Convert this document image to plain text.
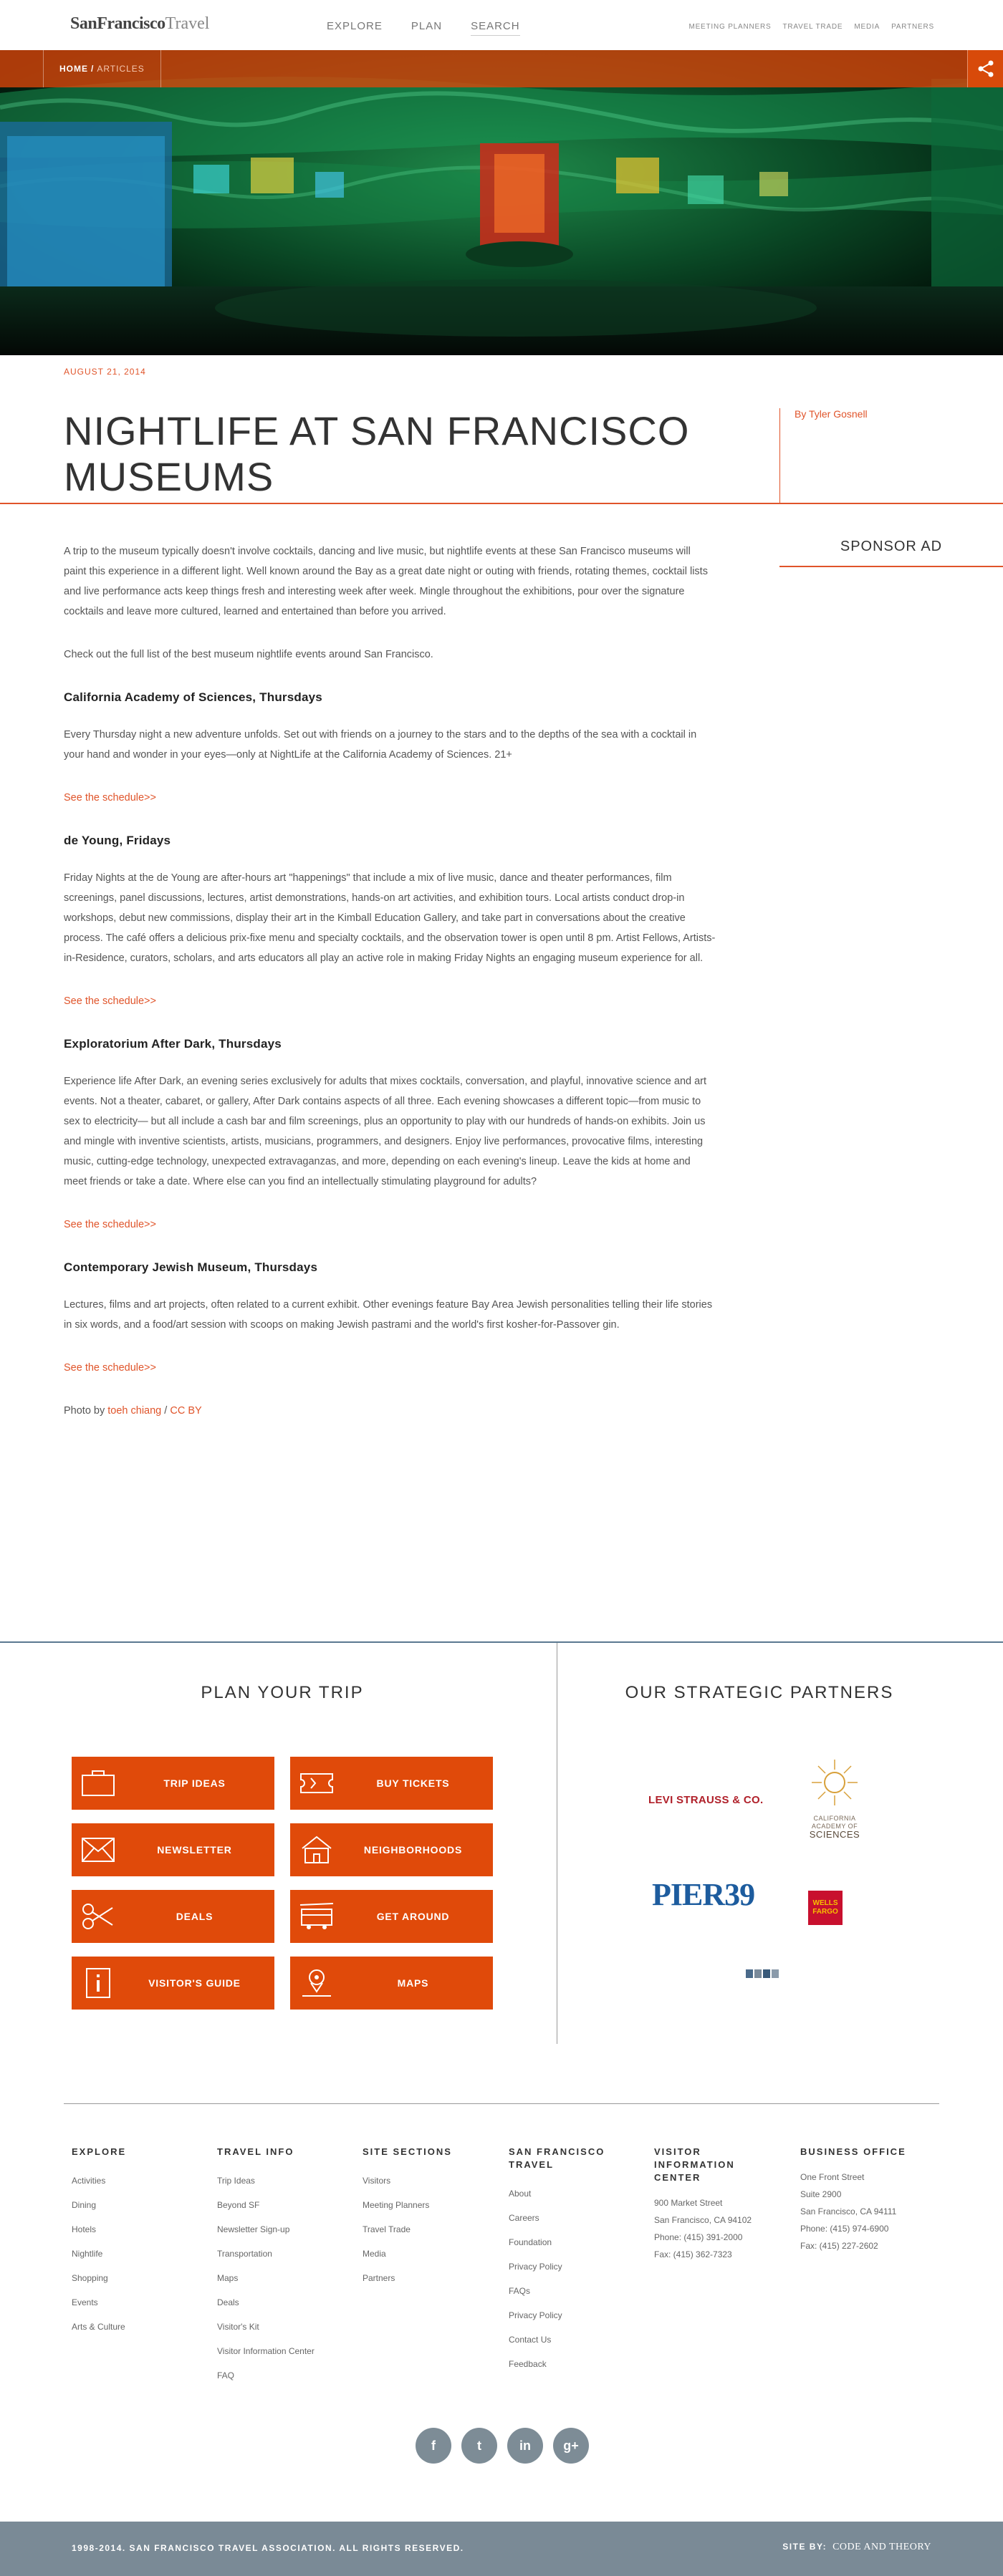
SanFranciscoTravel	EXPLORE	PLAN	SEARCH	MEETING PLANNERS TRAVEL TRADE MEDIA PARTNERS
HOME / ARTICLES
AUGUST 21, 2014
NIGHTLIFE AT SAN FRANCISCO MUSEUMS
By Tyler Gosnell
SPONSOR AD

A trip to the museum typically doesn't involve cocktails, dancing and live music, but nightlife events at these San Francisco museums will paint this experience in a different light. Well known around the Bay as a great date night or outing with friends, rotating themes, cocktail lists and live performance acts keep things fresh and interesting week after week. Mingle throughout the exhibitions, pour over the signature cocktails and leave more cultured, learned and entertained than before you arrived.

Check out the full list of the best museum nightlife events around San Francisco.

California Academy of Sciences, Thursdays

Every Thursday night a new adventure unfolds. Set out with friends on a journey to the stars and to the depths of the sea with a cocktail in your hand and wonder in your eyes—only at NightLife at the California Academy of Sciences. 21+

See the schedule>>

de Young, Fridays

Friday Nights at the de Young are after-hours art "happenings" that include a mix of live music, dance and theater performances, film screenings, panel discussions, lectures, artist demonstrations, hands-on art activities, and exhibition tours. Local artists conduct drop-in workshops, debut new commissions, display their art in the Kimball Education Gallery, and take part in conversations about the creative process. The café offers a delicious prix-fixe menu and specialty cocktails, and the observation tower is open until 8 pm. Artist Fellows, Artists-in-Residence, curators, scholars, and arts educators all play an active role in making Friday Nights an engaging museum experience for all.

See the schedule>>

Exploratorium After Dark, Thursdays

Experience life After Dark, an evening series exclusively for adults that mixes cocktails, conversation, and playful, innovative science and art events. Not a theater, cabaret, or gallery, After Dark contains aspects of all three. Each evening showcases a different topic—from music to sex to electricity— but all include a cash bar and film screenings, plus an opportunity to play with our hundreds of hands-on exhibits. Join us and mingle with inventive scientists, artists, musicians, programmers, and designers. Enjoy live performances, provocative films, interesting music, cutting-edge technology, unexpected extravaganzas, and more, depending on each evening's lineup. Leave the kids at home and meet friends or take a date. Where else can you find an intellectually stimulating playground for adults?

See the schedule>>

Contemporary Jewish Museum, Thursdays

Lectures, films and art projects, often related to a current exhibit. Other evenings feature Bay Area Jewish personalities telling their life stories in six words, and a food/art session with scoops on making Jewish pastrami and the world's first kosher-for-Passover gin.

See the schedule>>

Photo by toeh chiang / CC BY

PLAN YOUR TRIP	OUR STRATEGIC PARTNERS
TRIP IDEAS	BUY TICKETS
NEWSLETTER	NEIGHBORHOODS
DEALS	GET AROUND
VISITOR'S GUIDE	MAPS
LEVI STRAUSS & CO.
CALIFORNIA
ACADEMY OF
SCIENCES
PIER39	WELLS
FARGO
EXPLORE
Activities
Dining
Hotels
Nightlife
Shopping
Events
Arts & Culture
TRAVEL INFO
Trip Ideas
Beyond SF
Newsletter Sign-up
Transportation
Maps
Deals
Visitor's Kit
Visitor Information Center
FAQ
SITE SECTIONS
Visitors
Meeting Planners
Travel Trade
Media
Partners
SAN FRANCISCO TRAVEL
About
Careers
Foundation
Privacy Policy
FAQs
Privacy Policy
Contact Us
Feedback
VISITOR INFORMATION CENTER
900 Market Street
San Francisco, CA 94102
Phone: (415) 391-2000
Fax: (415) 362-7323
BUSINESS OFFICE
One Front Street
Suite 2900
San Francisco, CA 94111
Phone: (415) 974-6900
Fax: (415) 227-2602
f	t	in	g+
1998-2014. SAN FRANCISCO TRAVEL ASSOCIATION. ALL RIGHTS RESERVED.	SITE BY: CODE AND THEORY
